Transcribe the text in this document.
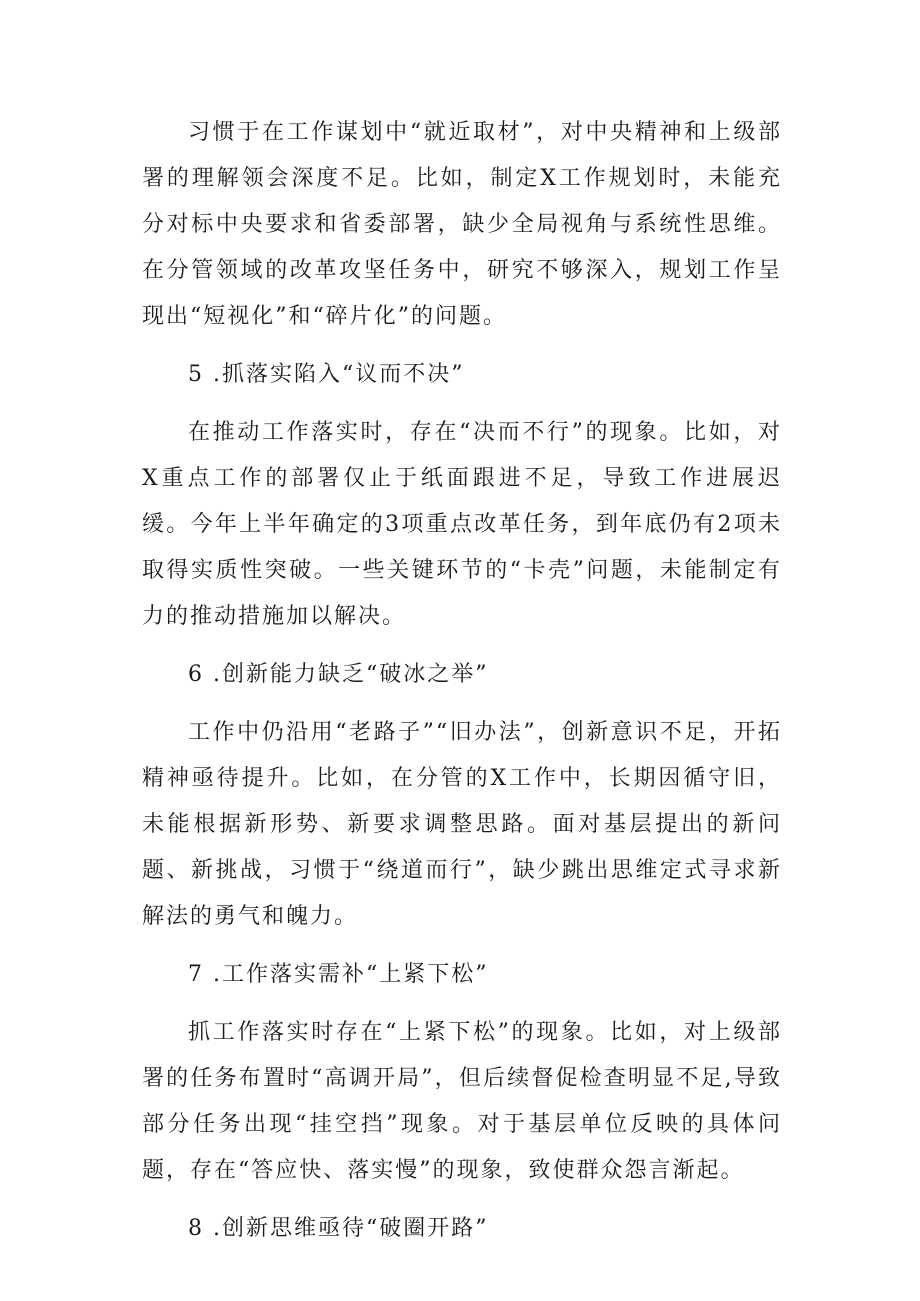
习惯于在工作谋划中“就近取材”，对中央精神和上级部署的理解领会深度不足。比如，制定X工作规划时，未能充分对标中央要求和省委部署，缺少全局视角与系统性思维。在分管领域的改革攻坚任务中，研究不够深入，规划工作呈现出“短视化”和“碎片化”的问题。

5 .抓落实陷入“议而不决”

在推动工作落实时，存在“决而不行”的现象。比如，对X重点工作的部署仅止于纸面跟进不足，导致工作进展迟缓。今年上半年确定的3项重点改革任务，到年底仍有2项未取得实质性突破。一些关键环节的“卡壳”问题，未能制定有力的推动措施加以解决。

6 .创新能力缺乏“破冰之举”

工作中仍沿用“老路子”“旧办法”，创新意识不足，开拓精神亟待提升。比如，在分管的X工作中，长期因循守旧，未能根据新形势、新要求调整思路。面对基层提出的新问题、新挑战，习惯于“绕道而行”，缺少跳出思维定式寻求新解法的勇气和魄力。

7 .工作落实需补“上紧下松”

抓工作落实时存在“上紧下松”的现象。比如，对上级部署的任务布置时“高调开局”，但后续督促检查明显不足,导致部分任务出现“挂空挡”现象。对于基层单位反映的具体问题，存在“答应快、落实慢”的现象，致使群众怨言渐起。

8 .创新思维亟待“破圈开路”
